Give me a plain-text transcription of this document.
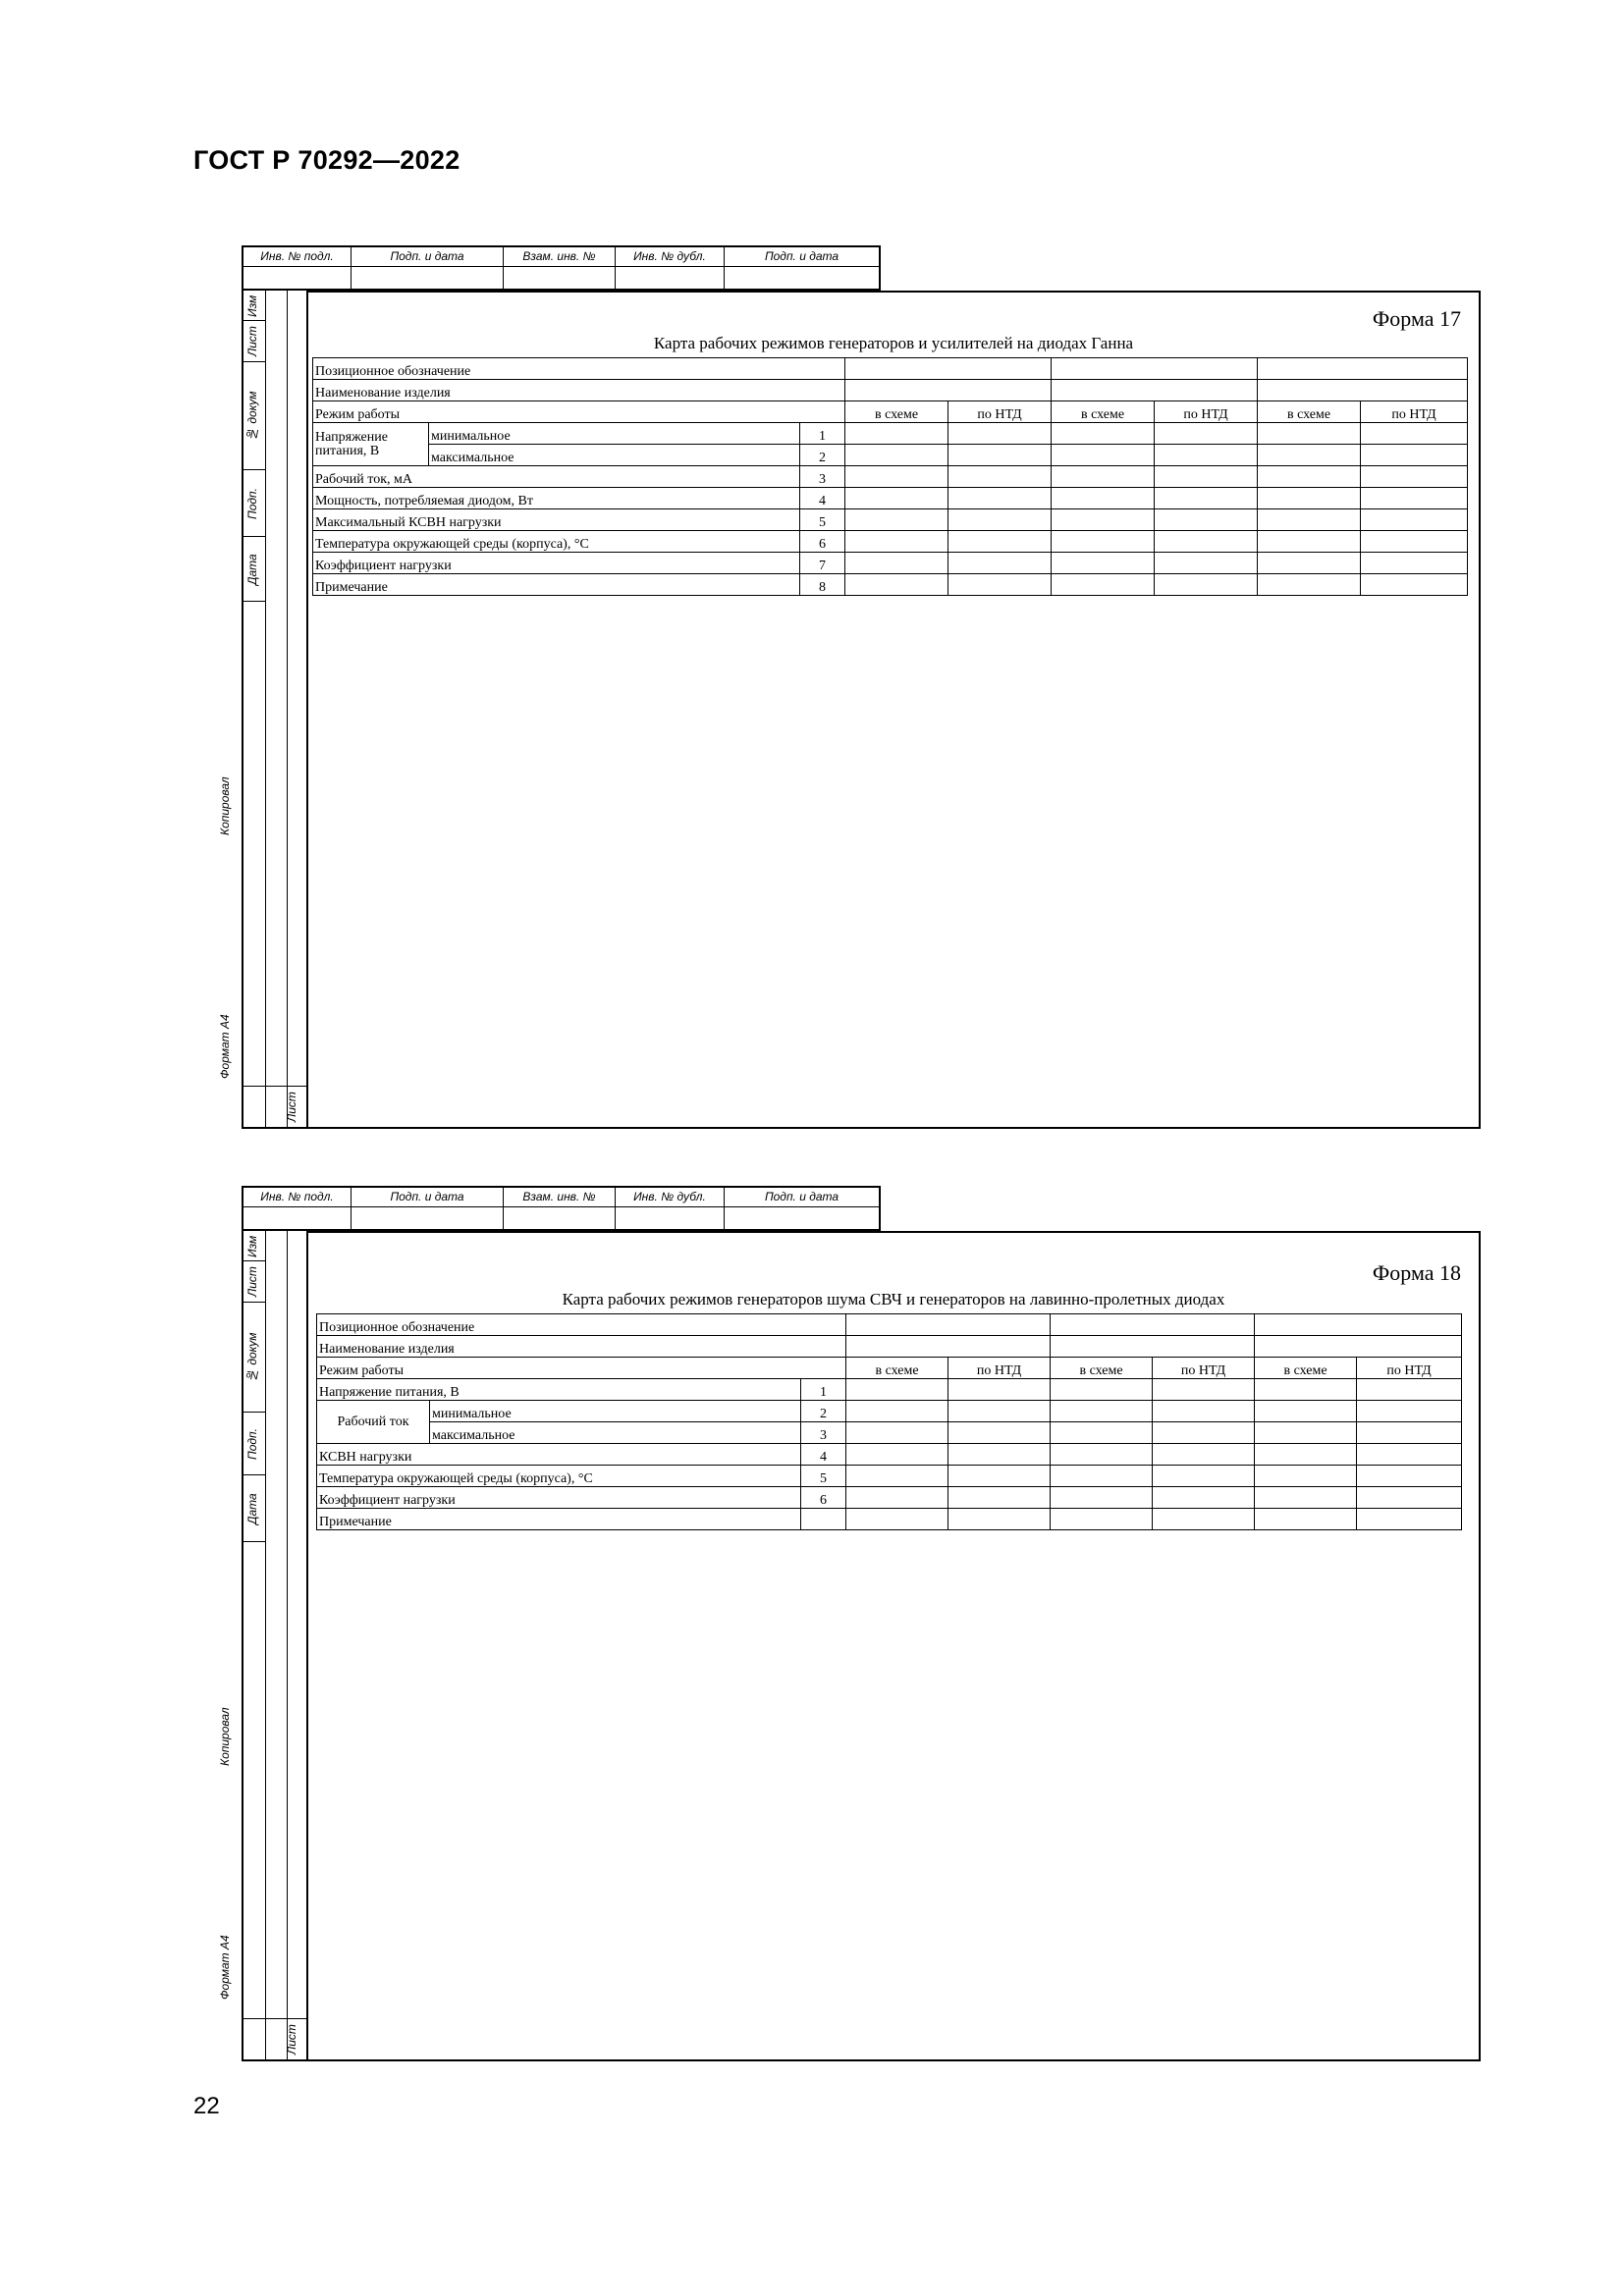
ГОСТ Р 70292—2022
Инв. № подл.	Подп. и дата	Взам. инв. №	Инв. № дубл.	Подп. и дата
Изм
Лист
№ докум
Подп.
Дата
Копировал
Формат А4
Лист
Форма 17
Карта рабочих режимов генераторов и усилителей на диодах Ганна
Позиционное обозначение								
Наименование изделия								
Режим работы			в схеме	по НТД	в схеме	по НТД	в схеме	по НТД
Напряжение питания, В	минимальное	1						
	максимальное	2						
Рабочий ток, мА		3						
Мощность, потребляемая диодом, Вт		4						
Максимальный КСВН нагрузки		5						
Температура окружающей среды (корпуса), °С		6						
Коэффициент нагрузки		7						
Примечание		8						
Инв. № подл.	Подп. и дата	Взам. инв. №	Инв. № дубл.	Подп. и дата
Изм
Лист
№ докум
Подп.
Дата
Копировал
Формат А4
Лист
Форма 18
Карта рабочих режимов генераторов шума СВЧ и генераторов на лавинно-пролетных диодах
Позиционное обозначение								
Наименование изделия								
Режим работы			в схеме	по НТД	в схеме	по НТД	в схеме	по НТД
Напряжение питания, В		1						
Рабочий ток	минимальное	2						
	максимальное	3						
КСВН нагрузки		4						
Температура окружающей среды (корпуса), °С		5						
Коэффициент нагрузки		6						
Примечание								
22
